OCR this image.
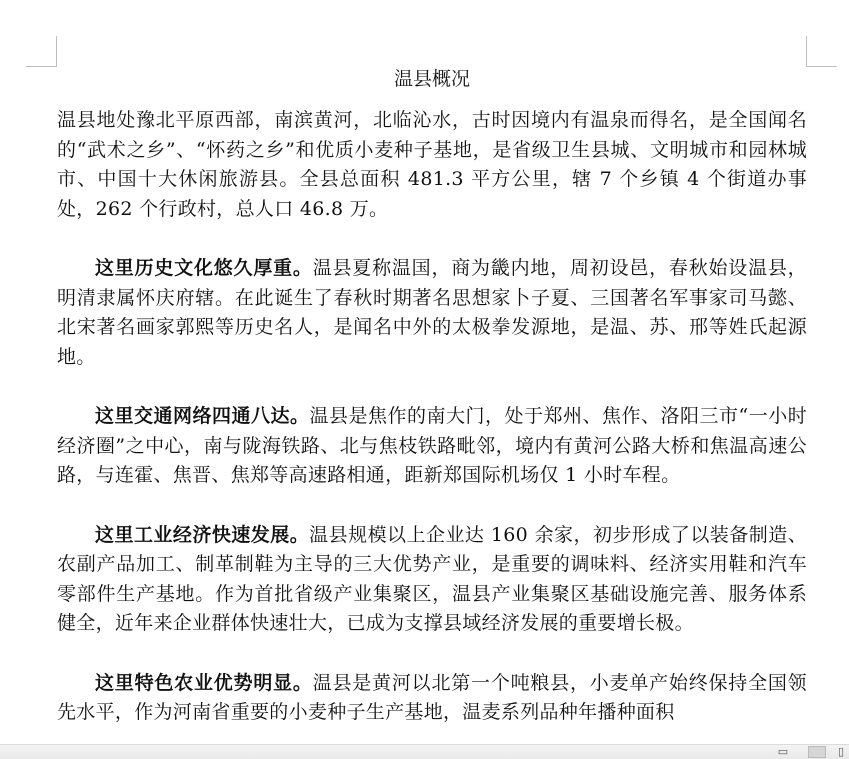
温县概况

温县地处豫北平原西部，南滨黄河，北临沁水，古时因境内有温泉而得名，是全国闻名的“武术之乡”、“怀药之乡”和优质小麦种子基地，是省级卫生县城、文明城市和园林城市、中国十大休闲旅游县。全县总面积 481.3 平方公里，辖 7 个乡镇 4 个街道办事处，262 个行政村，总人口 46.8 万。

这里历史文化悠久厚重。温县夏称温国，商为畿内地，周初设邑，春秋始设温县，明清隶属怀庆府辖。在此诞生了春秋时期著名思想家卜子夏、三国著名军事家司马懿、北宋著名画家郭熙等历史名人，是闻名中外的太极拳发源地，是温、苏、邢等姓氏起源地。

这里交通网络四通八达。温县是焦作的南大门，处于郑州、焦作、洛阳三市“一小时经济圈”之中心，南与陇海铁路、北与焦枝铁路毗邻，境内有黄河公路大桥和焦温高速公路，与连霍、焦晋、焦郑等高速路相通，距新郑国际机场仅 1 小时车程。

这里工业经济快速发展。温县规模以上企业达 160 余家，初步形成了以装备制造、农副产品加工、制革制鞋为主导的三大优势产业，是重要的调味料、经济实用鞋和汽车零部件生产基地。作为首批省级产业集聚区，温县产业集聚区基础设施完善、服务体系健全，近年来企业群体快速壮大，已成为支撑县域经济发展的重要增长极。

这里特色农业优势明显。温县是黄河以北第一个吨粮县，小麦单产始终保持全国领先水平，作为河南省重要的小麦种子生产基地，温麦系列品种年播种面积

▭	▯
